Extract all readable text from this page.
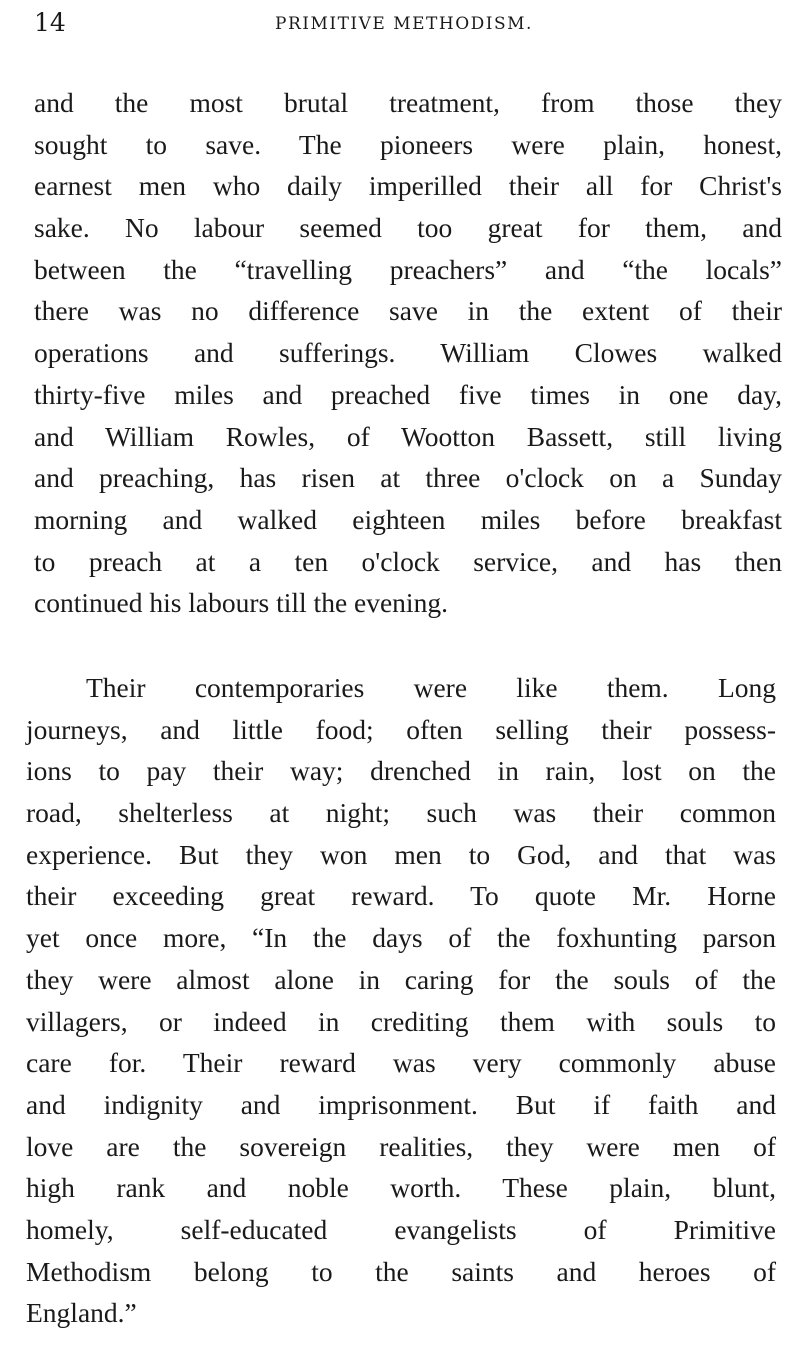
14	PRIMITIVE METHODISM.
and the most brutal treatment, from those they
sought to save. The pioneers were plain, honest,
earnest men who daily imperilled their all for Christ's
sake. No labour seemed too great for them, and
between the “travelling preachers” and “the locals”
there was no difference save in the extent of their
operations and sufferings. William Clowes walked
thirty-five miles and preached five times in one day,
and William Rowles, of Wootton Bassett, still living
and preaching, has risen at three o'clock on a Sunday
morning and walked eighteen miles before breakfast
to preach at a ten o'clock service, and has then
continued his labours till the evening.
Their contemporaries were like them. Long
journeys, and little food; often selling their possess-
ions to pay their way; drenched in rain, lost on the
road, shelterless at night; such was their common
experience. But they won men to God, and that was
their exceeding great reward. To quote Mr. Horne
yet once more, “In the days of the foxhunting parson
they were almost alone in caring for the souls of the
villagers, or indeed in crediting them with souls to
care for. Their reward was very commonly abuse
and indignity and imprisonment. But if faith and
love are the sovereign realities, they were men of
high rank and noble worth. These plain, blunt,
homely, self-educated evangelists of Primitive
Methodism belong to the saints and heroes of
England.”
